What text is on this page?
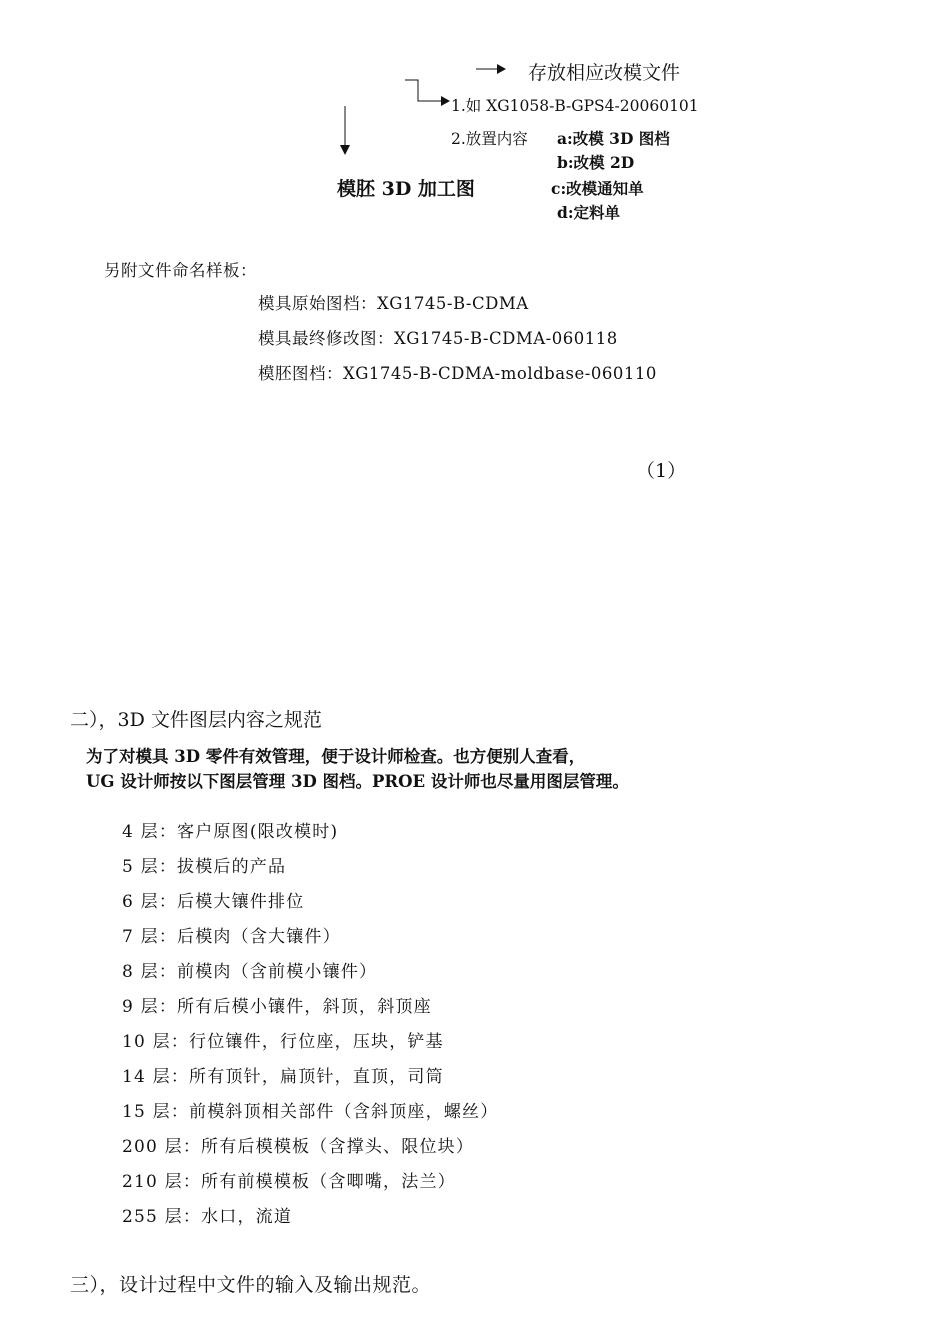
存放相应改模文件
1.如 XG1058-B-GPS4-20060101
2.放置内容 a:改模 3D 图档
b:改模 2D
c:改模通知单
d:定料单
模胚 3D 加工图
另附文件命名样板：
模具原始图档：XG1745-B-CDMA
模具最终修改图：XG1745-B-CDMA-060118
模胚图档：XG1745-B-CDMA-moldbase-060110
（1）
二），3D 文件图层内容之规范
为了对模具 3D 零件有效管理，便于设计师检查。也方便别人查看，
UG 设计师按以下图层管理 3D 图档。PROE 设计师也尽量用图层管理。
4 层：客户原图(限改模时)
5 层：拔模后的产品
6 层：后模大镶件排位
7 层：后模肉（含大镶件）
8 层：前模肉（含前模小镶件）
9 层：所有后模小镶件，斜顶，斜顶座
10 层：行位镶件，行位座，压块，铲基
14 层：所有顶针，扁顶针，直顶，司筒
15 层：前模斜顶相关部件（含斜顶座，螺丝）
200 层：所有后模模板（含撑头、限位块）
210 层：所有前模模板（含唧嘴，法兰）
255 层：水口，流道
三），设计过程中文件的输入及输出规范。
